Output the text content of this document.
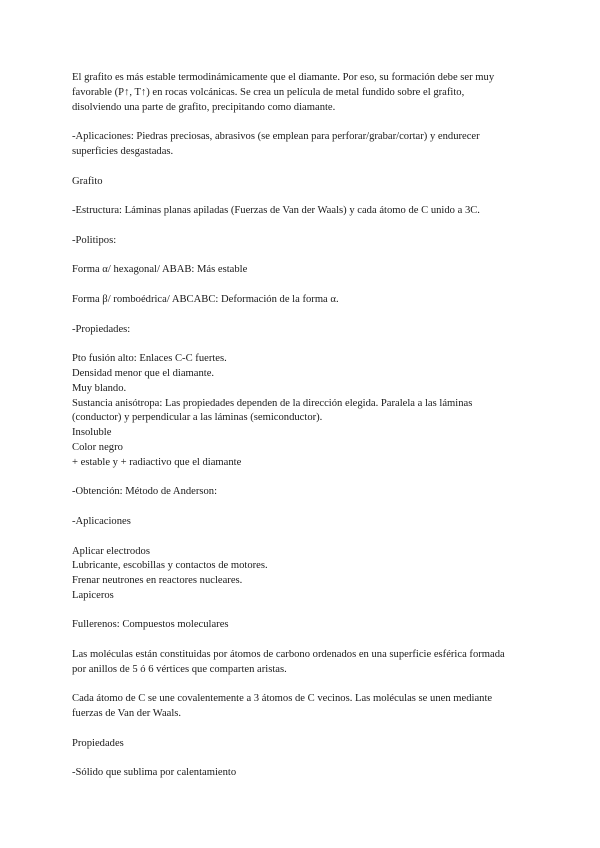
El grafito es más estable termodinámicamente que el diamante. Por eso, su formación debe ser muy
favorable (P↑, T↑) en rocas volcánicas. Se crea un película de metal fundido sobre el grafito,
disolviendo una parte de grafito, precipitando como diamante.

-Aplicaciones: Piedras preciosas, abrasivos (se emplean para perforar/grabar/cortar) y endurecer
superficies desgastadas.

Grafito

-Estructura: Láminas planas apiladas (Fuerzas de Van der Waals) y cada átomo de C unido a 3C.

-Politipos:

Forma α/ hexagonal/ ABAB: Más estable

Forma β/ romboédrica/ ABCABC: Deformación de la forma α.

-Propiedades:

Pto fusión alto: Enlaces C-C fuertes.
Densidad menor que el diamante.
Muy blando.
Sustancia anisótropa: Las propiedades dependen de la dirección elegida. Paralela a las láminas
(conductor) y perpendicular a las láminas (semiconductor).
Insoluble
Color negro
+ estable y + radiactivo que el diamante

-Obtención: Método de Anderson:

-Aplicaciones

Aplicar electrodos
Lubricante, escobillas y contactos de motores.
Frenar neutrones en reactores nucleares.
Lapiceros

Fullerenos: Compuestos moleculares

Las moléculas están constituidas por átomos de carbono ordenados en una superficie esférica formada
por anillos de 5 ó 6 vértices que comparten aristas.

Cada átomo de C se une covalentemente a 3 átomos de C vecinos. Las moléculas se unen mediante
fuerzas de Van der Waals.

Propiedades

-Sólido que sublima por calentamiento
